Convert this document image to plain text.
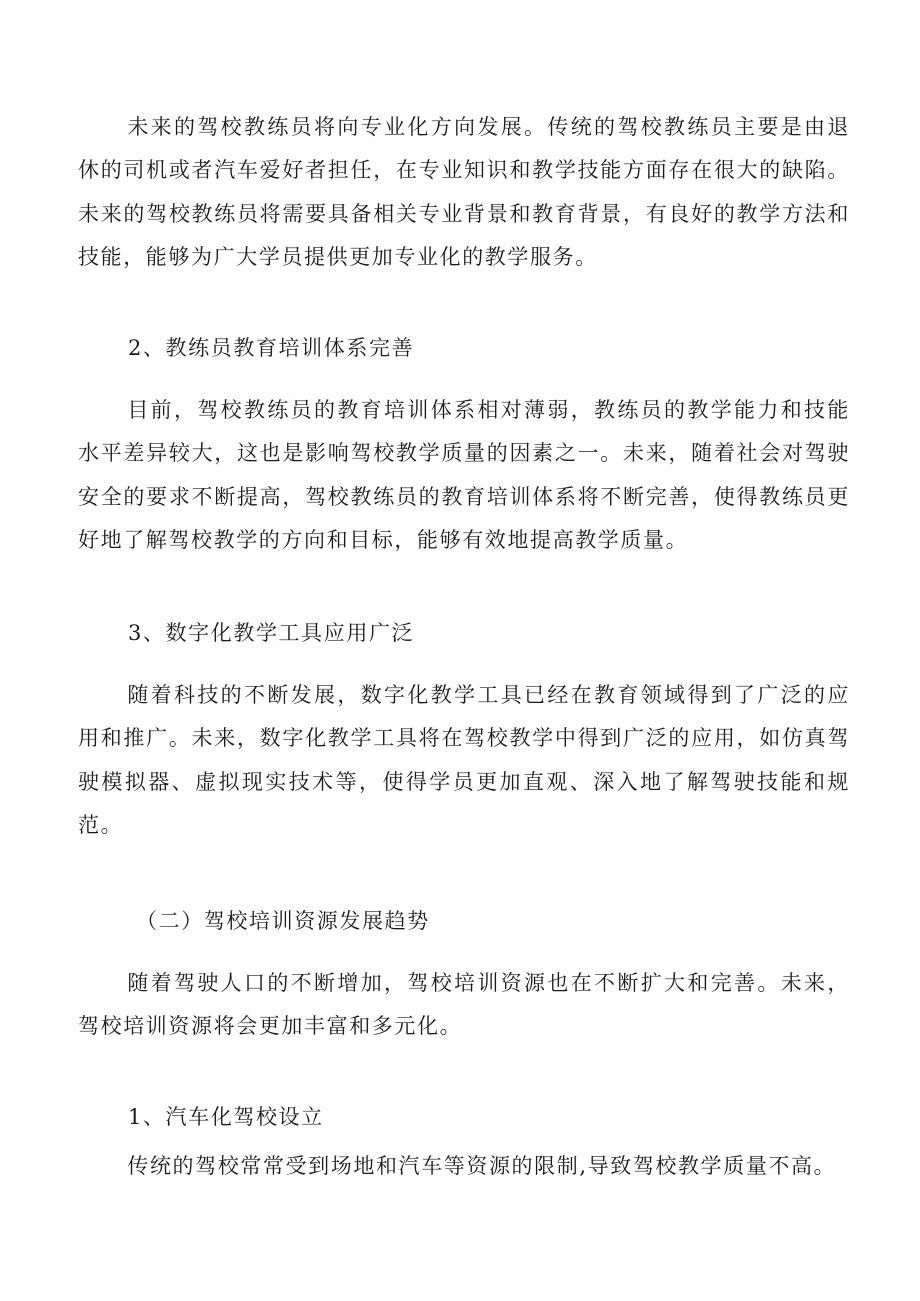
未来的驾校教练员将向专业化方向发展。传统的驾校教练员主要是由退休的司机或者汽车爱好者担任，在专业知识和教学技能方面存在很大的缺陷。未来的驾校教练员将需要具备相关专业背景和教育背景，有良好的教学方法和技能，能够为广大学员提供更加专业化的教学服务。

2、教练员教育培训体系完善

目前，驾校教练员的教育培训体系相对薄弱，教练员的教学能力和技能水平差异较大，这也是影响驾校教学质量的因素之一。未来，随着社会对驾驶安全的要求不断提高，驾校教练员的教育培训体系将不断完善，使得教练员更好地了解驾校教学的方向和目标，能够有效地提高教学质量。

3、数字化教学工具应用广泛

随着科技的不断发展，数字化教学工具已经在教育领域得到了广泛的应用和推广。未来，数字化教学工具将在驾校教学中得到广泛的应用，如仿真驾驶模拟器、虚拟现实技术等，使得学员更加直观、深入地了解驾驶技能和规范。

（二）驾校培训资源发展趋势

随着驾驶人口的不断增加，驾校培训资源也在不断扩大和完善。未来，驾校培训资源将会更加丰富和多元化。

1、汽车化驾校设立

传统的驾校常常受到场地和汽车等资源的限制,导致驾校教学质量不高。
